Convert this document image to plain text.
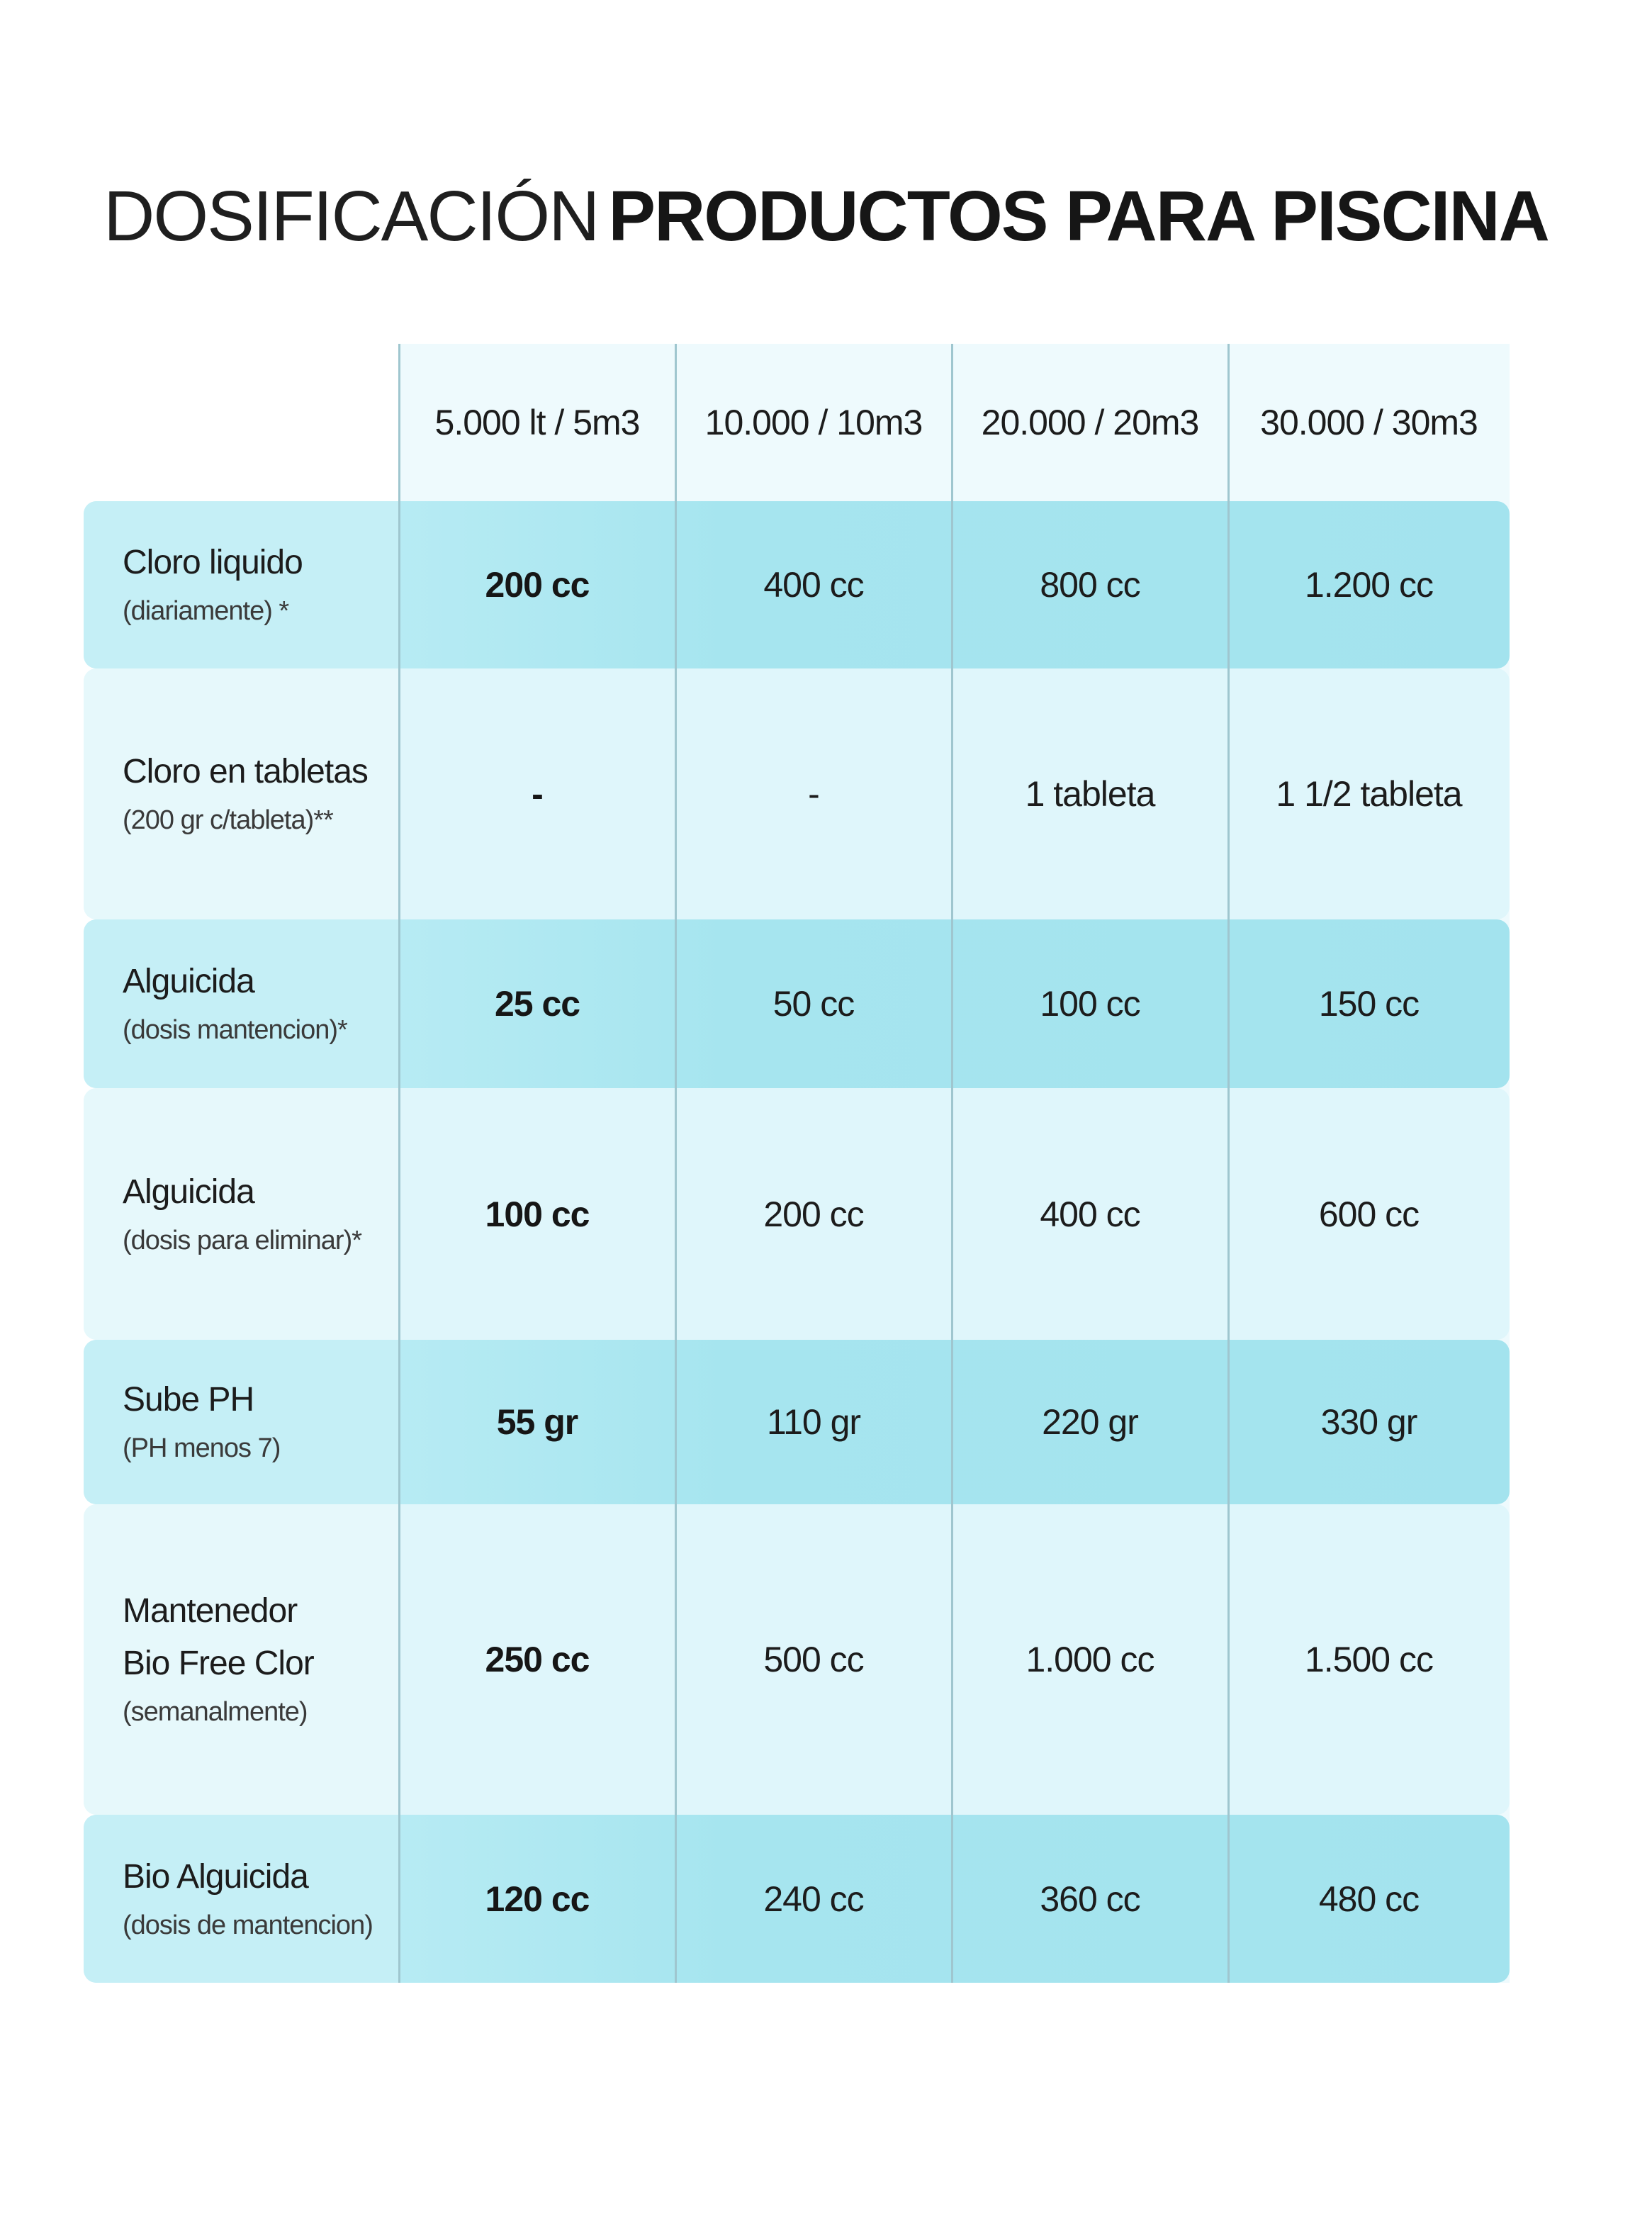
DOSIFICACIÓN PRODUCTOS PARA PISCINA
5.000 lt / 5m3	10.000 / 10m3	20.000 / 20m3	30.000 / 30m3
Cloro liquido
(diariamente) *
200 cc	400 cc	800 cc	1.200 cc
Cloro en tabletas
(200 gr c/tableta)**
-	-	1 tableta	1 1/2 tableta
Alguicida
(dosis mantencion)*
25 cc	50 cc	100 cc	150 cc
Alguicida
(dosis para eliminar)*
100 cc	200 cc	400 cc	600 cc
Sube PH
(PH menos 7)
55 gr	110 gr	220 gr	330 gr
Mantenedor
Bio Free Clor
(semanalmente)
250 cc	500 cc	1.000 cc	1.500 cc
Bio Alguicida
(dosis de mantencion)
120 cc	240 cc	360 cc	480 cc
